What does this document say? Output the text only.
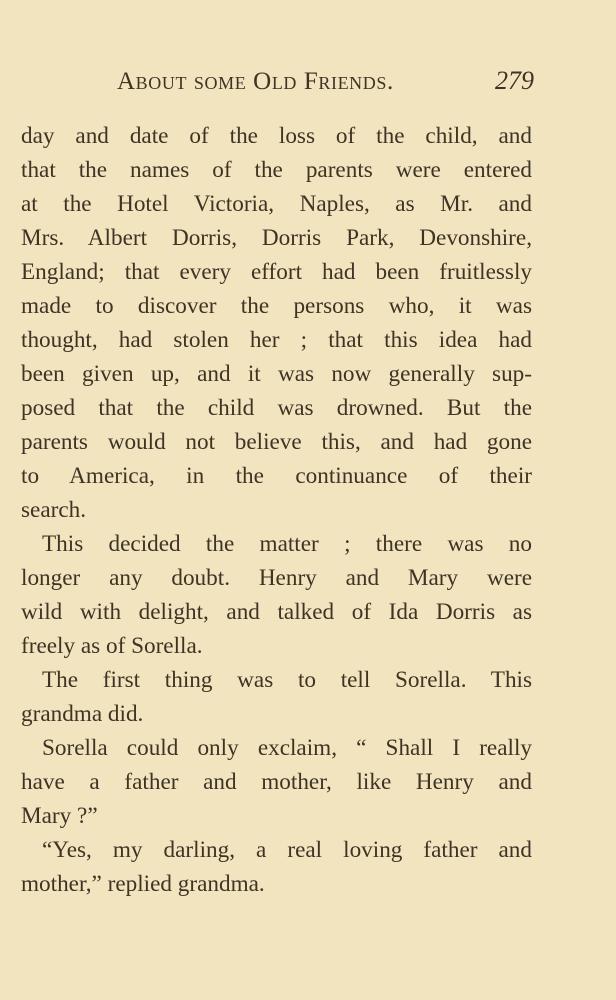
About some Old Friends.	279
day and date of the loss of the child, and
that the names of the parents were entered
at the Hotel Victoria, Naples, as Mr. and
Mrs. Albert Dorris, Dorris Park, Devonshire,
England; that every effort had been fruitlessly
made to discover the persons who, it was
thought, had stolen her ; that this idea had
been given up, and it was now generally sup-
posed that the child was drowned. But the
parents would not believe this, and had gone
to America, in the continuance of their
search.
This decided the matter ; there was no
longer any doubt. Henry and Mary were
wild with delight, and talked of Ida Dorris as
freely as of Sorella.
The first thing was to tell Sorella. This
grandma did.
Sorella could only exclaim, “ Shall I really
have a father and mother, like Henry and
Mary ?”
“Yes, my darling, a real loving father and
mother,” replied grandma.
